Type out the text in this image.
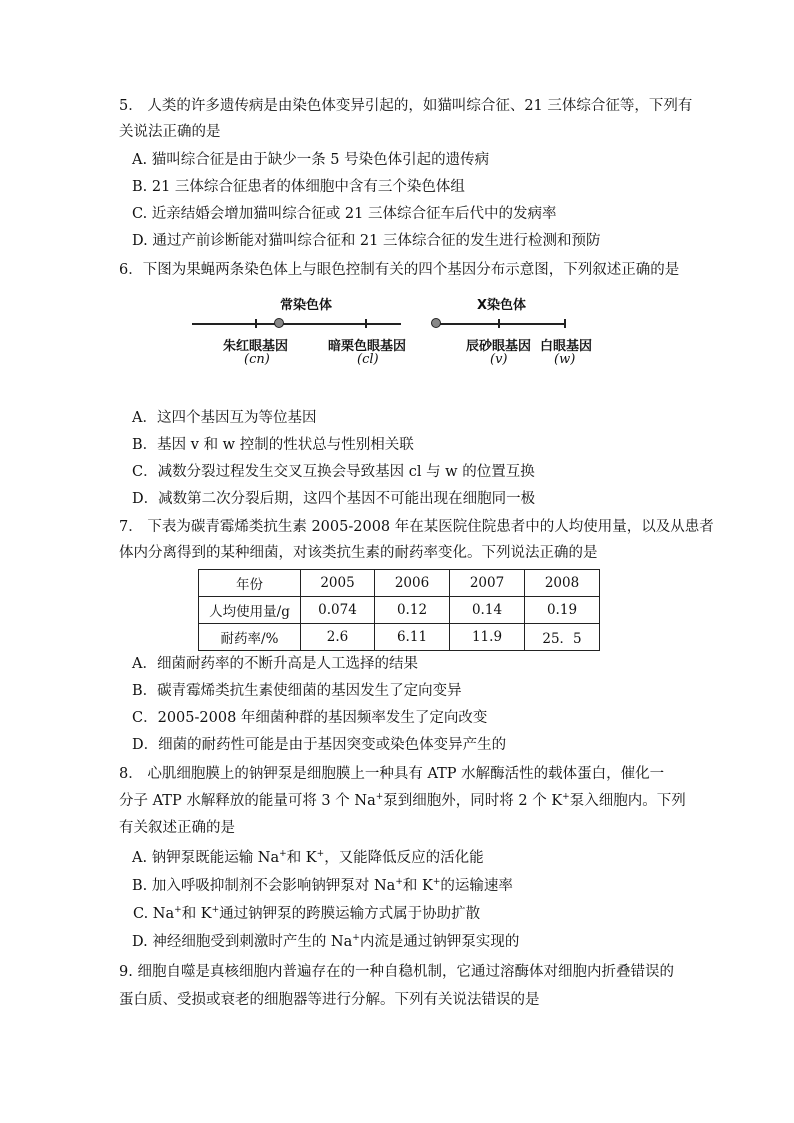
5． 人类的许多遗传病是由染色体变异引起的，如猫叫综合征、21 三体综合征等，下列有
关说法正确的是
A. 猫叫综合征是由于缺少一条 5 号染色体引起的遗传病
B. 21 三体综合征患者的体细胞中含有三个染色体组
C. 近亲结婚会增加猫叫综合征或 21 三体综合征车后代中的发病率
D. 通过产前诊断能对猫叫综合征和 21 三体综合征的发生进行检测和预防
6．下图为果蝇两条染色体上与眼色控制有关的四个基因分布示意图，下列叙述正确的是
常染色体	X染色体
朱红眼基因
(cn)
暗栗色眼基因
(cl)
辰砂眼基因
(v)
白眼基因
(w)
A．这四个基因互为等位基因
B．基因 v 和 w 控制的性状总与性别相关联
C．减数分裂过程发生交叉互换会导致基因 cl 与 w 的位置互换
D．减数第二次分裂后期，这四个基因不可能出现在细胞同一极
7． 下表为碳青霉烯类抗生素 2005-2008 年在某医院住院患者中的人均使用量，以及从患者
体内分离得到的某种细菌，对该类抗生素的耐药率变化。下列说法正确的是
年份	2005	2006	2007	2008
人均使用量/g	0.074	0.12	0.14	0.19
耐药率/%	2.6	6.11	11.9	25．5
A．细菌耐药率的不断升高是人工选择的结果
B．碳青霉烯类抗生素使细菌的基因发生了定向变异
C．2005-2008 年细菌种群的基因频率发生了定向改变
D．细菌的耐药性可能是由于基因突变或染色体变异产生的
8． 心肌细胞膜上的钠钾泵是细胞膜上一种具有 ATP 水解酶活性的载体蛋白，催化一
分子 ATP 水解释放的能量可将 3 个 Na+泵到细胞外，同时将 2 个 K+泵入细胞内。下列
有关叙述正确的是
A. 钠钾泵既能运输 Na+和 K+，又能降低反应的活化能
B. 加入呼吸抑制剂不会影响钠钾泵对 Na+和 K+的运输速率
C. Na+和 K+通过钠钾泵的跨膜运输方式属于协助扩散
D. 神经细胞受到刺激时产生的 Na+内流是通过钠钾泵实现的
9. 细胞自噬是真核细胞内普遍存在的一种自稳机制，它通过溶酶体对细胞内折叠错误的
蛋白质、受损或衰老的细胞器等进行分解。下列有关说法错误的是
